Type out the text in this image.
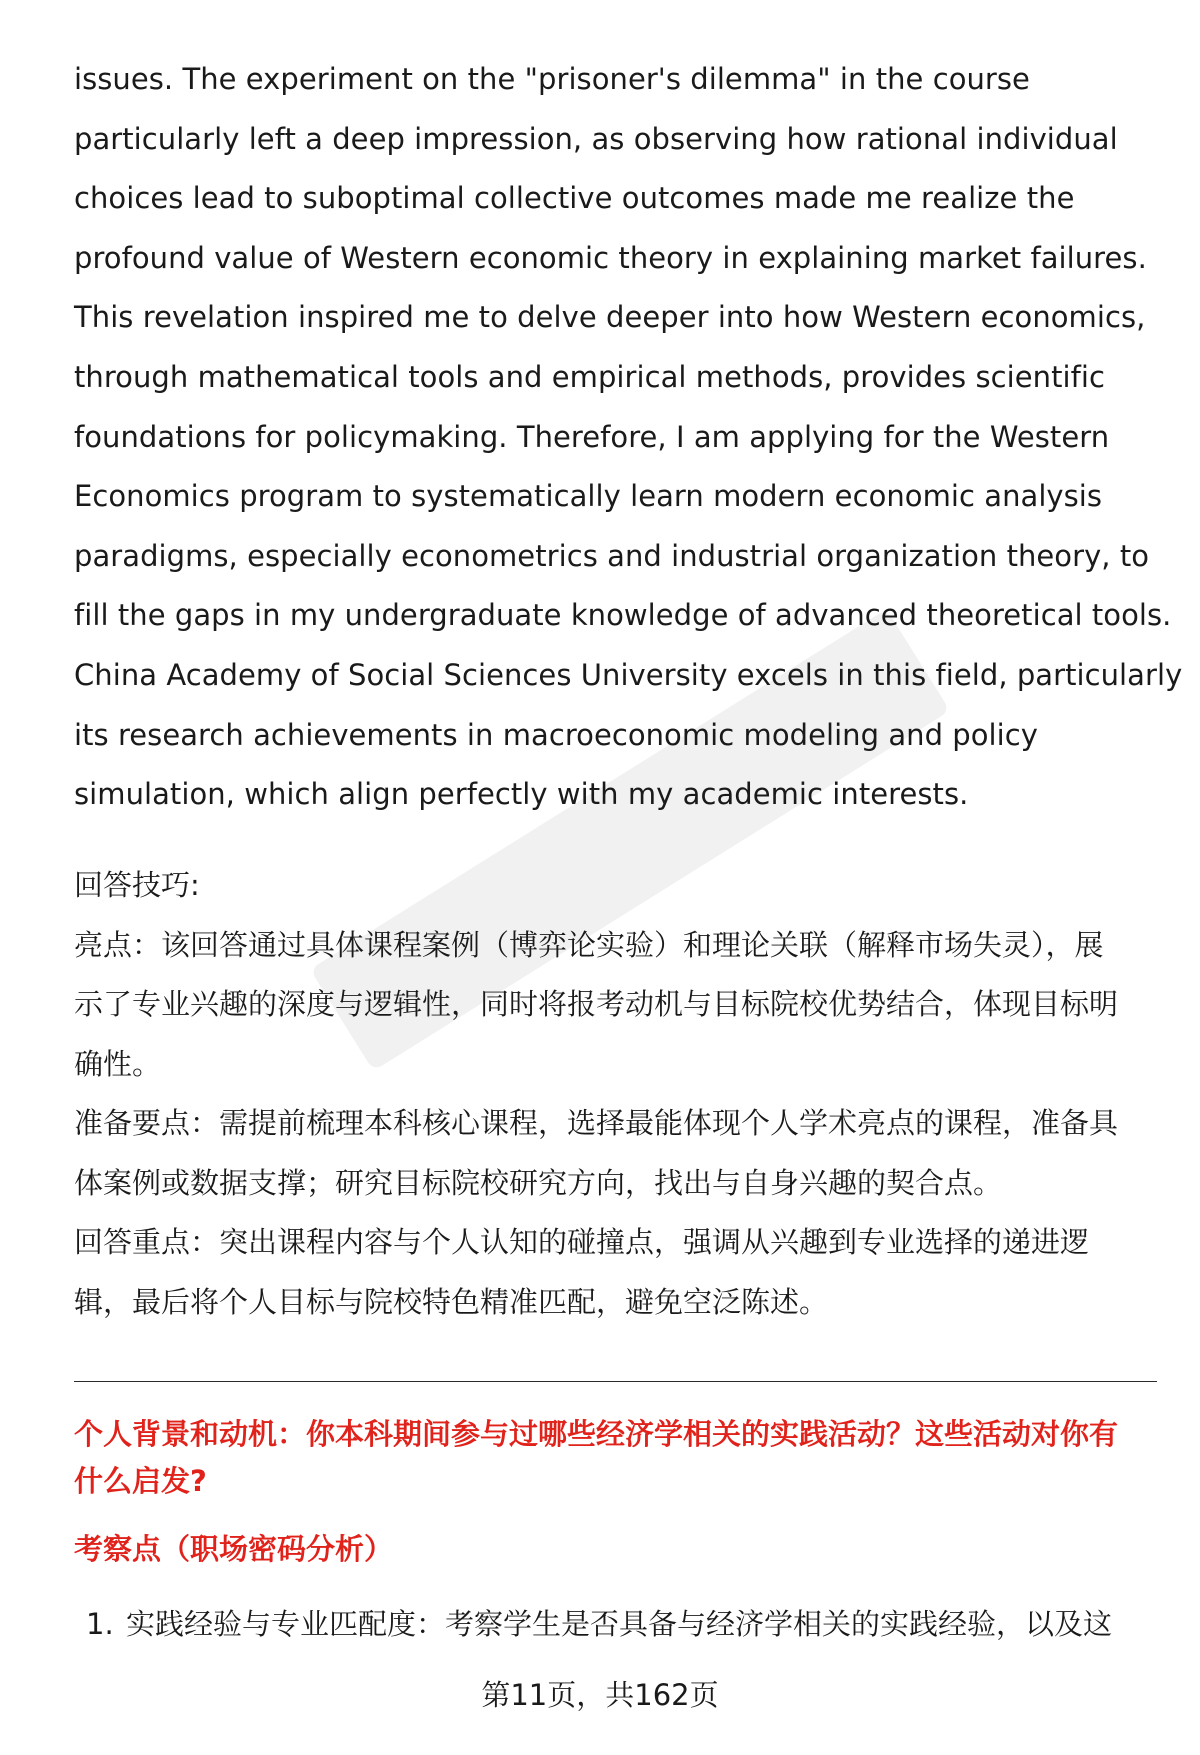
issues. The experiment on the "prisoner's dilemma" in the course
particularly left a deep impression, as observing how rational individual
choices lead to suboptimal collective outcomes made me realize the
profound value of Western economic theory in explaining market failures.
This revelation inspired me to delve deeper into how Western economics,
through mathematical tools and empirical methods, provides scientific
foundations for policymaking. Therefore, I am applying for the Western
Economics program to systematically learn modern economic analysis
paradigms, especially econometrics and industrial organization theory, to
fill the gaps in my undergraduate knowledge of advanced theoretical tools.
China Academy of Social Sciences University excels in this field, particularly
its research achievements in macroeconomic modeling and policy
simulation, which align perfectly with my academic interests.
回答技巧:
亮点：该回答通过具体课程案例（博弈论实验）和理论关联（解释市场失灵），展
示了专业兴趣的深度与逻辑性，同时将报考动机与目标院校优势结合，体现目标明
确性。
准备要点：需提前梳理本科核心课程，选择最能体现个人学术亮点的课程，准备具
体案例或数据支撑；研究目标院校研究方向，找出与自身兴趣的契合点。
回答重点：突出课程内容与个人认知的碰撞点，强调从兴趣到专业选择的递进逻
辑，最后将个人目标与院校特色精准匹配，避免空泛陈述。
个人背景和动机：你本科期间参与过哪些经济学相关的实践活动？这些活动对你有
什么启发?
考察点（职场密码分析）
1. 实践经验与专业匹配度：考察学生是否具备与经济学相关的实践经验，以及这
第11页，共162页
